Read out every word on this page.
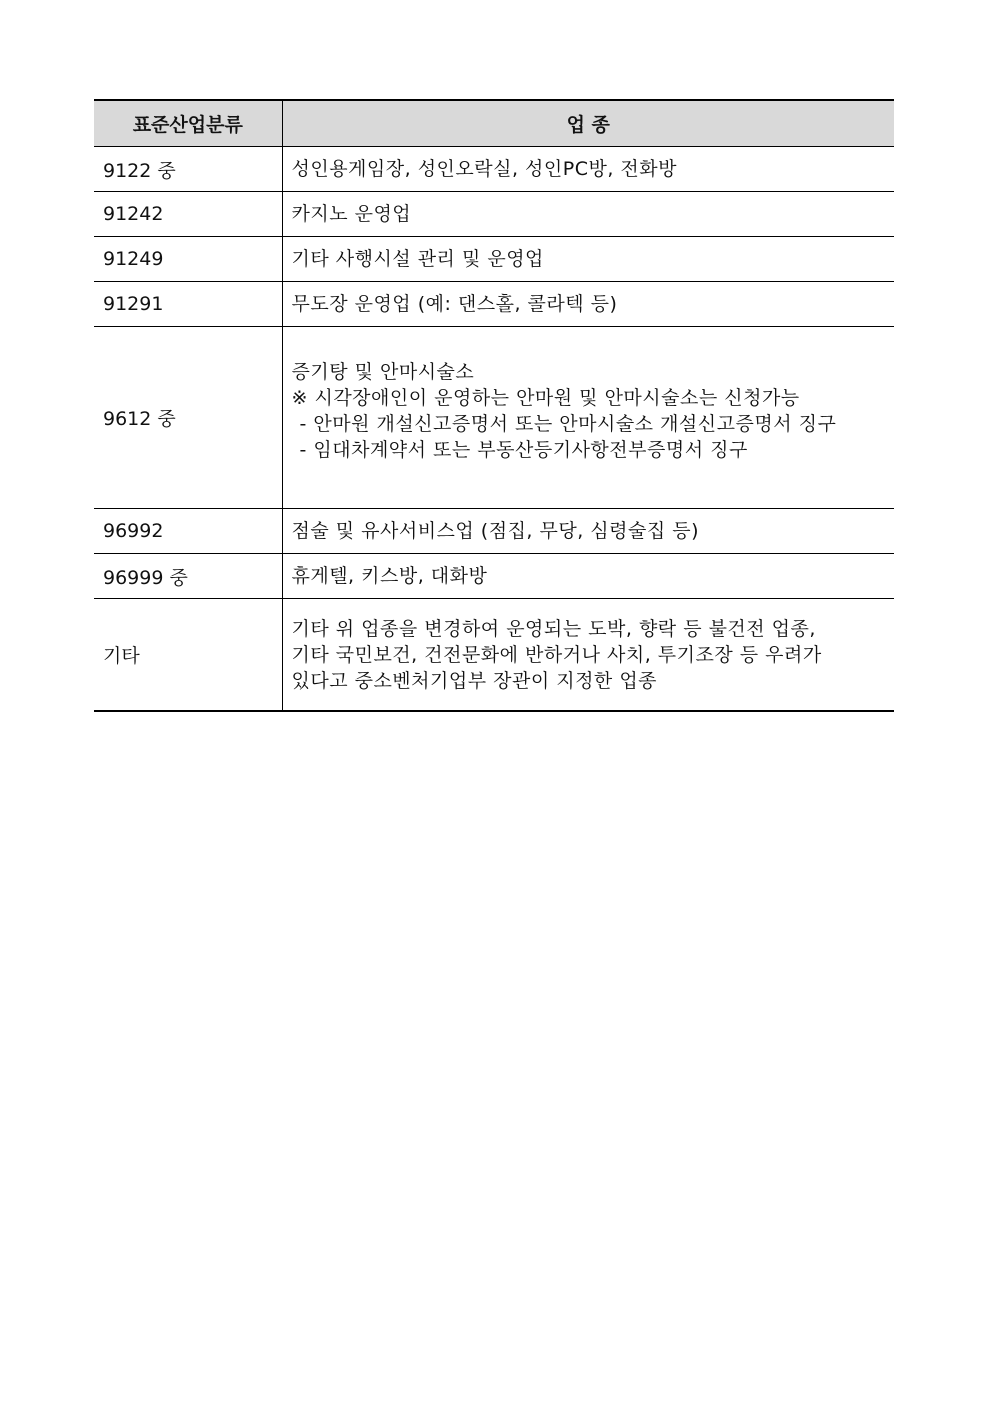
표준산업분류	업 종
9122 중	성인용게임장, 성인오락실, 성인PC방, 전화방

91242	카지노 운영업

91249	기타 사행시설 관리 및 운영업

91291	무도장 운영업 (예: 댄스홀, 콜라텍 등)

9612 중	증기탕 및 안마시술소
※ 시각장애인이 운영하는 안마원 및 안마시술소는 신청가능
- 안마원 개설신고증명서 또는 안마시술소 개설신고증명서 징구
- 임대차계약서 또는 부동산등기사항전부증명서 징구

96992	점술 및 유사서비스업 (점집, 무당, 심령술집 등)

96999 중	휴게텔, 키스방, 대화방

기타	기타 위 업종을 변경하여 운영되는 도박, 향락 등 불건전 업종,
기타 국민보건, 건전문화에 반하거나 사치, 투기조장 등 우려가
있다고 중소벤처기업부 장관이 지정한 업종
